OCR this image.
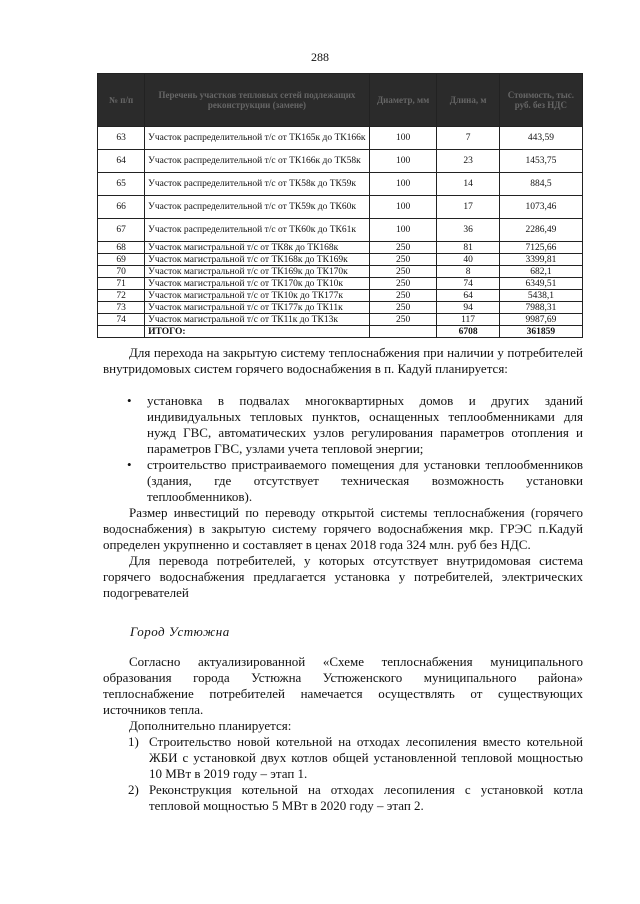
288
№ п/п	Перечень участков тепловых сетей подлежащих реконструкции (замене)	Диаметр, мм	Длина, м	Стоимость, тыс. руб. без НДС
63	Участок распределительной т/с от ТК165к до ТК166к	100	7	443,59
64	Участок распределительной т/с от ТК166к до ТК58к	100	23	1453,75
65	Участок распределительной т/с от ТК58к до ТК59к	100	14	884,5
66	Участок распределительной т/с от ТК59к до ТК60к	100	17	1073,46
67	Участок распределительной т/с от ТК60к до ТК61к	100	36	2286,49
68	Участок магистральной т/с от ТК8к до ТК168к	250	81	7125,66
69	Участок магистральной т/с от ТК168к до ТК169к	250	40	3399,81
70	Участок магистральной т/с от ТК169к до ТК170к	250	8	682,1
71	Участок магистральной т/с от ТК170к до ТК10к	250	74	6349,51
72	Участок магистральной т/с от ТК10к до ТК177к	250	64	5438,1
73	Участок магистральной т/с от ТК177к до ТК11к	250	94	7988,31
74	Участок магистральной т/с от ТК11к до ТК13к	250	117	9987,69
	ИТОГО:		6708	361859
Для перехода на закрытую систему теплоснабжения при наличии у потребителей внутридомовых систем горячего водоснабжения в п. Кадуй планируется:
• установка в подвалах многоквартирных домов и других зданий индивидуальных тепловых пунктов, оснащенных теплообменниками для нужд ГВС, автоматических узлов регулирования параметров отопления и параметров ГВС, узлами учета тепловой энергии;
• строительство пристраиваемого помещения для установки теплообменников (здания, где отсутствует техническая возможность установки теплообменников).
Размер инвестиций по переводу открытой системы теплоснабжения (горячего водоснабжения) в закрытую систему горячего водоснабжения мкр. ГРЭС п.Кадуй определен укрупненно и составляет в ценах 2018 года 324 млн. руб без НДС.
Для перевода потребителей, у которых отсутствует внутридомовая система горячего водоснабжения предлагается установка у потребителей, электрических подогревателей
Город Устюжна
Согласно актуализированной «Схеме теплоснабжения муниципального образования города Устюжна Устюженского муниципального района» теплоснабжение потребителей намечается осуществлять от существующих источников тепла.
Дополнительно планируется:
1) Строительство новой котельной на отходах лесопиления вместо котельной ЖБИ с установкой двух котлов общей установленной тепловой мощностью 10 МВт в 2019 году – этап 1.
2) Реконструкция котельной на отходах лесопиления с установкой котла тепловой мощностью 5 МВт в 2020 году – этап 2.
